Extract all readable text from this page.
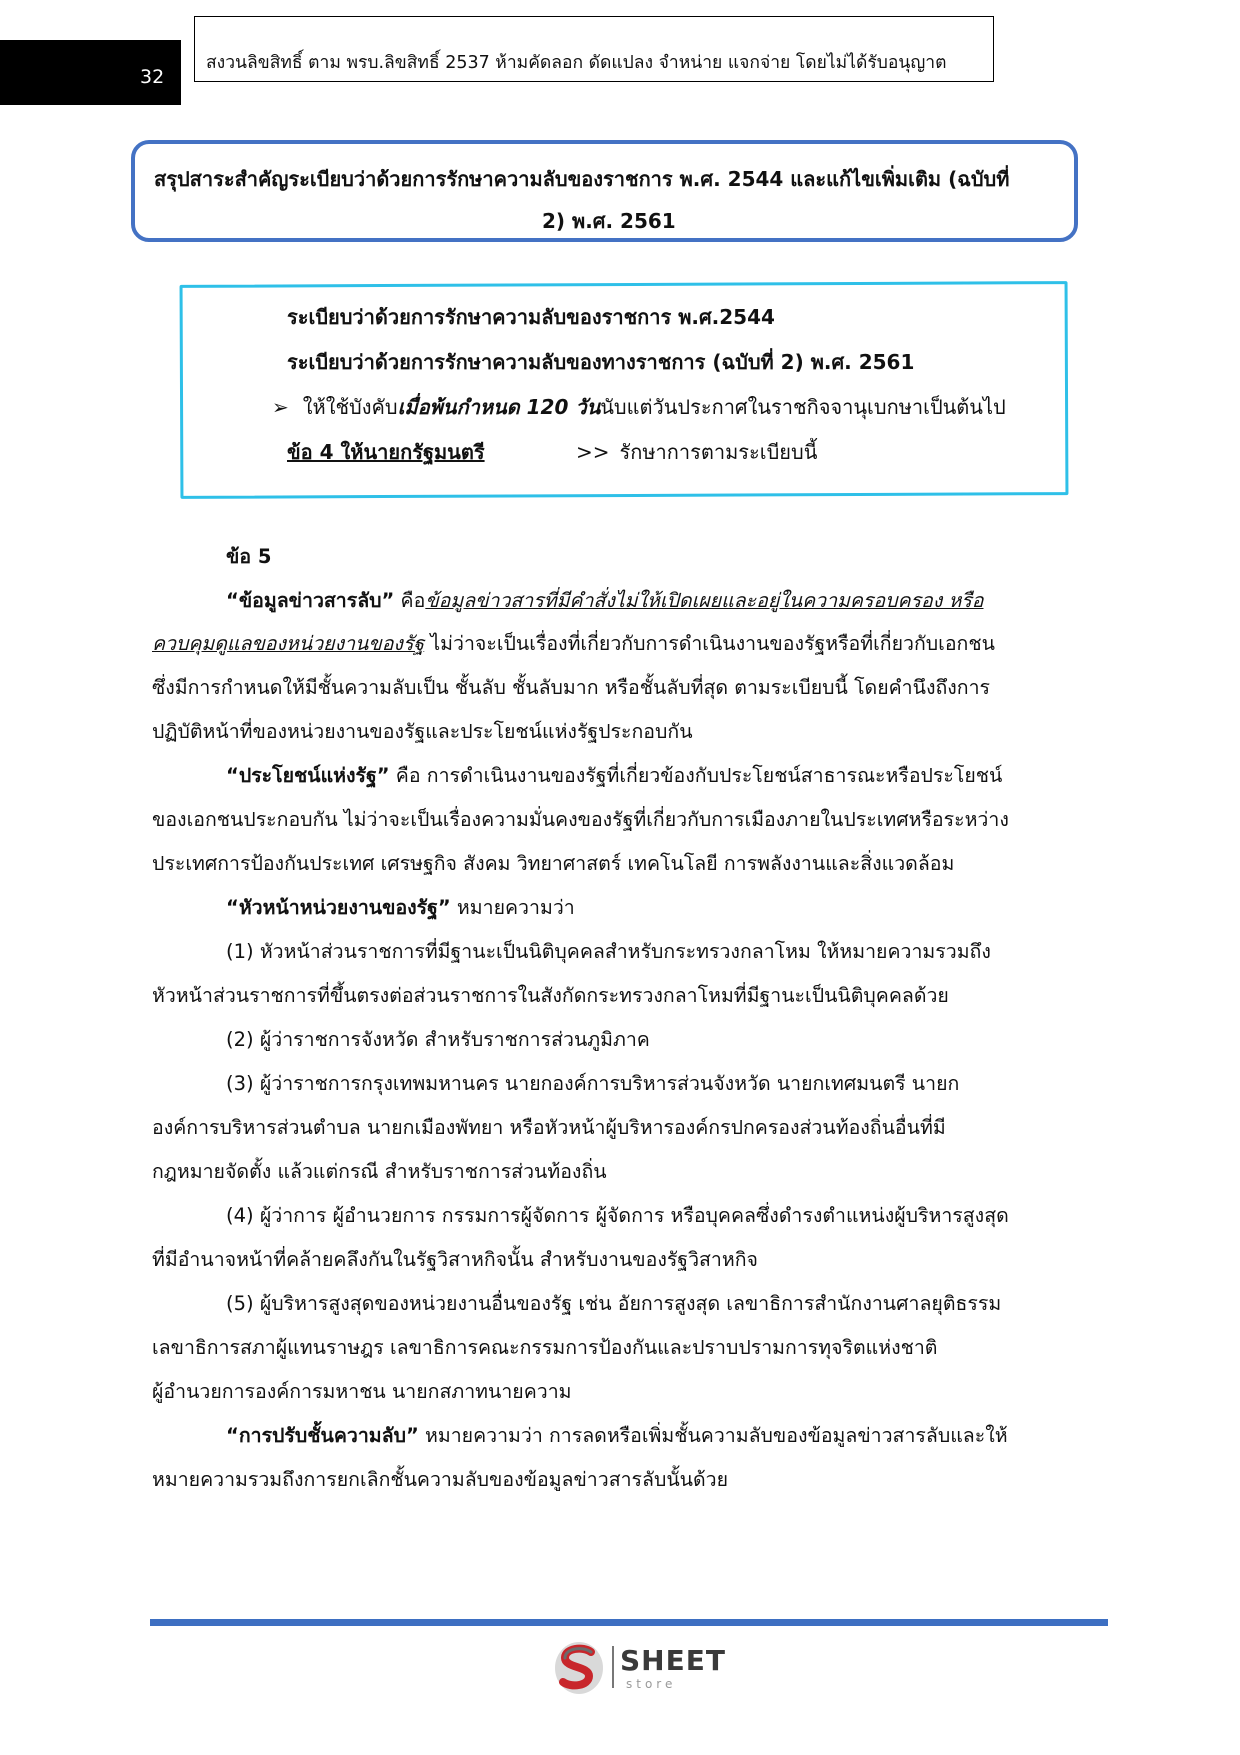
32
สงวนลิขสิทธิ์ ตาม พรบ.ลิขสิทธิ์ 2537 ห้ามคัดลอก ดัดแปลง จำหน่าย แจกจ่าย โดยไม่ได้รับอนุญาต
สรุปสาระสำคัญระเบียบว่าด้วยการรักษาความลับของราชการ พ.ศ. 2544 และแก้ไขเพิ่มเติม (ฉบับที่
2) พ.ศ. 2561
ระเบียบว่าด้วยการรักษาความลับของราชการ พ.ศ.2544
ระเบียบว่าด้วยการรักษาความลับของทางราชการ (ฉบับที่ 2) พ.ศ. 2561
➢ ให้ใช้บังคับเมื่อพ้นกำหนด 120 วันนับแต่วันประกาศในราชกิจจานุเบกษาเป็นต้นไป
ข้อ 4 ให้นายกรัฐมนตรี	>> รักษาการตามระเบียบนี้
ข้อ 5
“ข้อมูลข่าวสารลับ” คือข้อมูลข่าวสารที่มีคำสั่งไม่ให้เปิดเผยและอยู่ในความครอบครอง หรือ
ควบคุมดูแลของหน่วยงานของรัฐ ไม่ว่าจะเป็นเรื่องที่เกี่ยวกับการดำเนินงานของรัฐหรือที่เกี่ยวกับเอกชน
ซึ่งมีการกำหนดให้มีชั้นความลับเป็น ชั้นลับ ชั้นลับมาก หรือชั้นลับที่สุด ตามระเบียบนี้ โดยคำนึงถึงการ
ปฏิบัติหน้าที่ของหน่วยงานของรัฐและประโยชน์แห่งรัฐประกอบกัน
“ประโยชน์แห่งรัฐ” คือ การดำเนินงานของรัฐที่เกี่ยวข้องกับประโยชน์สาธารณะหรือประโยชน์
ของเอกชนประกอบกัน ไม่ว่าจะเป็นเรื่องความมั่นคงของรัฐที่เกี่ยวกับการเมืองภายในประเทศหรือระหว่าง
ประเทศการป้องกันประเทศ เศรษฐกิจ สังคม วิทยาศาสตร์ เทคโนโลยี การพลังงานและสิ่งแวดล้อม
“หัวหน้าหน่วยงานของรัฐ” หมายความว่า
(1) หัวหน้าส่วนราชการที่มีฐานะเป็นนิติบุคคลสำหรับกระทรวงกลาโหม ให้หมายความรวมถึง
หัวหน้าส่วนราชการที่ขึ้นตรงต่อส่วนราชการในสังกัดกระทรวงกลาโหมที่มีฐานะเป็นนิติบุคคลด้วย
(2) ผู้ว่าราชการจังหวัด สำหรับราชการส่วนภูมิภาค
(3) ผู้ว่าราชการกรุงเทพมหานคร นายกองค์การบริหารส่วนจังหวัด นายกเทศมนตรี นายก
องค์การบริหารส่วนตำบล นายกเมืองพัทยา หรือหัวหน้าผู้บริหารองค์กรปกครองส่วนท้องถิ่นอื่นที่มี
กฎหมายจัดตั้ง แล้วแต่กรณี สำหรับราชการส่วนท้องถิ่น
(4) ผู้ว่าการ ผู้อำนวยการ กรรมการผู้จัดการ ผู้จัดการ หรือบุคคลซึ่งดำรงตำแหน่งผู้บริหารสูงสุด
ที่มีอำนาจหน้าที่คล้ายคลึงกันในรัฐวิสาหกิจนั้น สำหรับงานของรัฐวิสาหกิจ
(5) ผู้บริหารสูงสุดของหน่วยงานอื่นของรัฐ เช่น อัยการสูงสุด เลขาธิการสำนักงานศาลยุติธรรม
เลขาธิการสภาผู้แทนราษฎร เลขาธิการคณะกรรมการป้องกันและปราบปรามการทุจริตแห่งชาติ
ผู้อำนวยการองค์การมหาชน นายกสภาทนายความ
“การปรับชั้นความลับ” หมายความว่า การลดหรือเพิ่มชั้นความลับของข้อมูลข่าวสารลับและให้
หมายความรวมถึงการยกเลิกชั้นความลับของข้อมูลข่าวสารลับนั้นด้วย
SHEET
store
